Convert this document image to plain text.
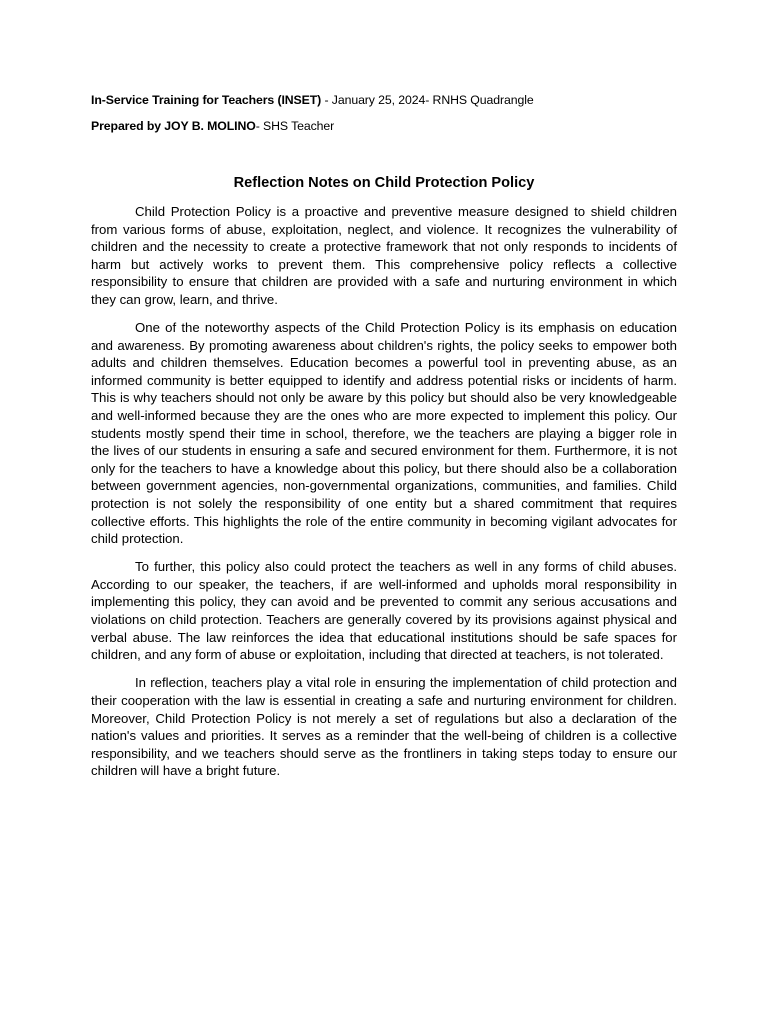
In-Service Training for Teachers (INSET) - January 25, 2024- RNHS Quadrangle
Prepared by JOY B. MOLINO- SHS Teacher
Reflection Notes on Child Protection Policy

Child Protection Policy is a proactive and preventive measure designed to shield children from various forms of abuse, exploitation, neglect, and violence. It recognizes the vulnerability of children and the necessity to create a protective framework that not only responds to incidents of harm but actively works to prevent them. This comprehensive policy reflects a collective responsibility to ensure that children are provided with a safe and nurturing environment in which they can grow, learn, and thrive.

One of the noteworthy aspects of the Child Protection Policy is its emphasis on education and awareness. By promoting awareness about children's rights, the policy seeks to empower both adults and children themselves. Education becomes a powerful tool in preventing abuse, as an informed community is better equipped to identify and address potential risks or incidents of harm. This is why teachers should not only be aware by this policy but should also be very knowledgeable and well-informed because they are the ones who are more expected to implement this policy. Our students mostly spend their time in school, therefore, we the teachers are playing a bigger role in the lives of our students in ensuring a safe and secured environment for them. Furthermore, it is not only for the teachers to have a knowledge about this policy, but there should also be a collaboration between government agencies, non-governmental organizations, communities, and families. Child protection is not solely the responsibility of one entity but a shared commitment that requires collective efforts. This highlights the role of the entire community in becoming vigilant advocates for child protection.

To further, this policy also could protect the teachers as well in any forms of child abuses. According to our speaker, the teachers, if are well-informed and upholds moral responsibility in implementing this policy, they can avoid and be prevented to commit any serious accusations and violations on child protection. Teachers are generally covered by its provisions against physical and verbal abuse. The law reinforces the idea that educational institutions should be safe spaces for children, and any form of abuse or exploitation, including that directed at teachers, is not tolerated.

In reflection, teachers play a vital role in ensuring the implementation of child protection and their cooperation with the law is essential in creating a safe and nurturing environment for children. Moreover, Child Protection Policy is not merely a set of regulations but also a declaration of the nation's values and priorities. It serves as a reminder that the well-being of children is a collective responsibility, and we teachers should serve as the frontliners in taking steps today to ensure our children will have a bright future.
